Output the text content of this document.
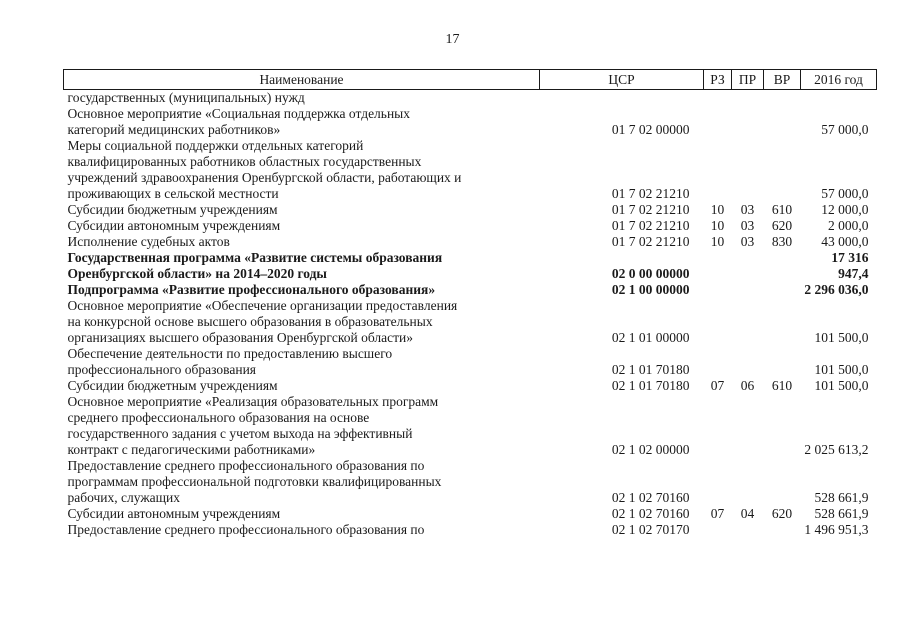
17
Наименование	ЦСР	РЗ	ПР	ВР	2016 год
государственных (муниципальных) нужд					
Основное мероприятие «Социальная поддержка отдельных
категорий медицинских работников»	01 7 02 00000				57 000,0
Меры социальной поддержки отдельных категорий
квалифицированных работников областных государственных
учреждений здравоохранения Оренбургской области, работающих и
проживающих в сельской местности	01 7 02 21210				57 000,0
Субсидии бюджетным учреждениям	01 7 02 21210	10	03	610	12 000,0
Субсидии автономным учреждениям	01 7 02 21210	10	03	620	2 000,0
Исполнение судебных актов	01 7 02 21210	10	03	830	43 000,0
Государственная программа «Развитие системы образования
Оренбургской области» на 2014–2020 годы	02 0 00 00000				17 316 947,4
Подпрограмма «Развитие профессионального образования»	02 1 00 00000				2 296 036,0
Основное мероприятие «Обеспечение организации предоставления
на конкурсной основе высшего образования в образовательных
организациях высшего образования Оренбургской области»	02 1 01 00000				101 500,0
Обеспечение деятельности по предоставлению высшего
профессионального образования	02 1 01 70180				101 500,0
Субсидии бюджетным учреждениям	02 1 01 70180	07	06	610	101 500,0
Основное мероприятие «Реализация образовательных программ
среднего профессионального образования на основе
государственного задания с учетом выхода на эффективный
контракт с педагогическими работниками»	02 1 02 00000				2 025 613,2
Предоставление среднего профессионального образования по
программам профессиональной подготовки квалифицированных
рабочих, служащих	02 1 02 70160				528 661,9
Субсидии автономным учреждениям	02 1 02 70160	07	04	620	528 661,9
Предоставление среднего профессионального образования по	02 1 02 70170				1 496 951,3
